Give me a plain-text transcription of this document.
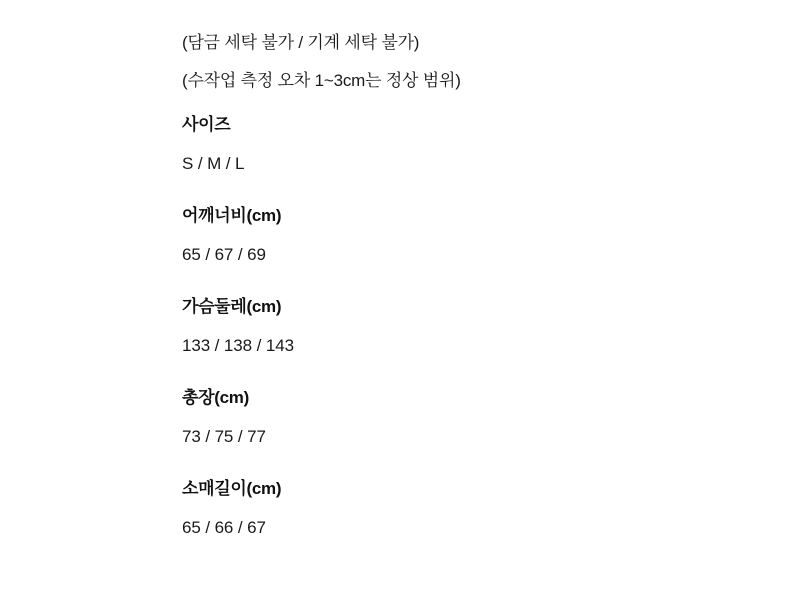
(담금 세탁 불가 / 기계 세탁 불가)

(수작업 측정 오차 1~3cm는 정상 범위)

사이즈

S / M / L

어깨너비(cm)

65 / 67 / 69

가슴둘레(cm)

133 / 138 / 143

총장(cm)

73 / 75 / 77

소매길이(cm)

65 / 66 / 67
